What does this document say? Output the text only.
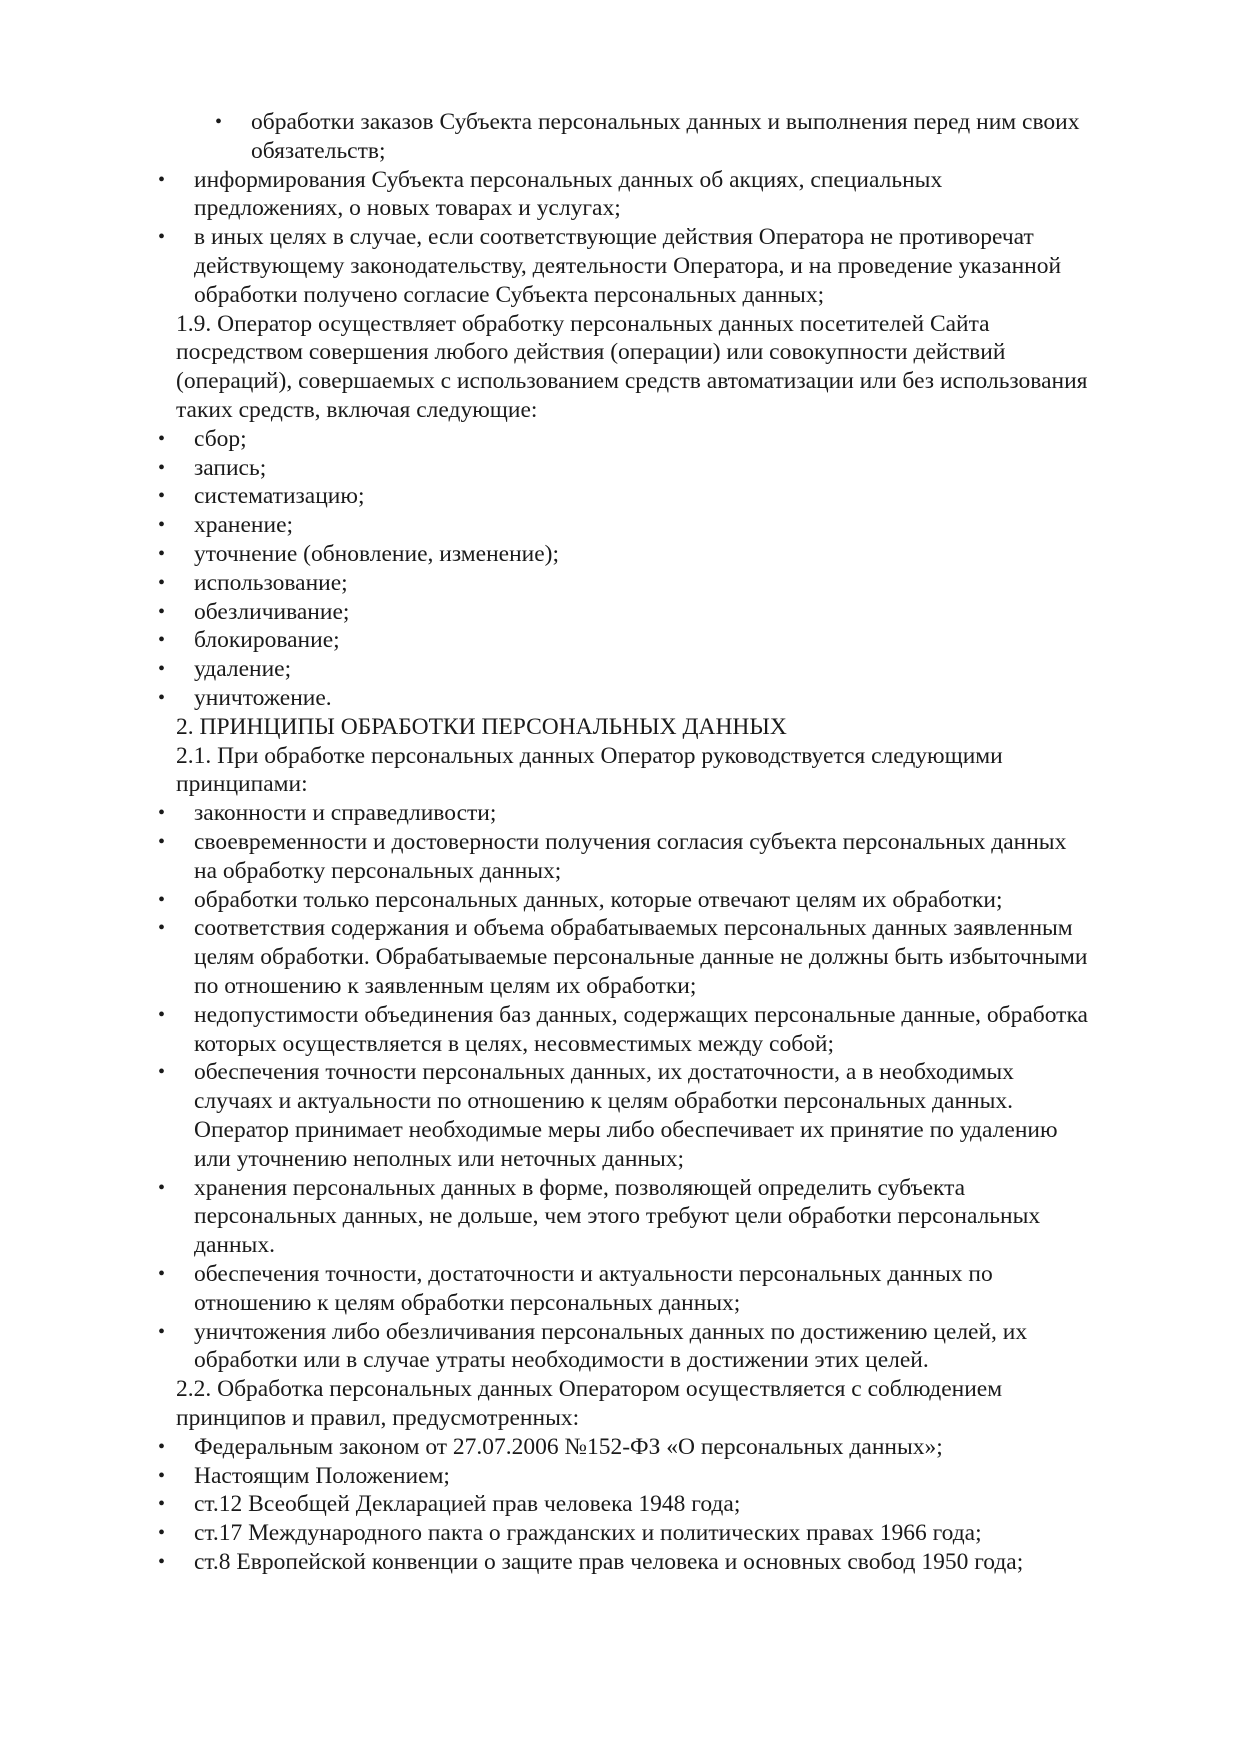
• обработки заказов Субъекта персональных данных и выполнения перед ним своих
обязательств;
• информирования Субъекта персональных данных об акциях, специальных
предложениях, о новых товарах и услугах;
• в иных целях в случае, если соответствующие действия Оператора не противоречат
действующему законодательству, деятельности Оператора, и на проведение указанной
обработки получено согласие Субъекта персональных данных;
1.9. Оператор осуществляет обработку персональных данных посетителей Сайта
посредством совершения любого действия (операции) или совокупности действий
(операций), совершаемых с использованием средств автоматизации или без использования
таких средств, включая следующие:
• сбор;
• запись;
• систематизацию;
• хранение;
• уточнение (обновление, изменение);
• использование;
• обезличивание;
• блокирование;
• удаление;
• уничтожение.
2. ПРИНЦИПЫ ОБРАБОТКИ ПЕРСОНАЛЬНЫХ ДАННЫХ
2.1. При обработке персональных данных Оператор руководствуется следующими
принципами:
• законности и справедливости;
• своевременности и достоверности получения согласия субъекта персональных данных
на обработку персональных данных;
• обработки только персональных данных, которые отвечают целям их обработки;
• соответствия содержания и объема обрабатываемых персональных данных заявленным
целям обработки. Обрабатываемые персональные данные не должны быть избыточными
по отношению к заявленным целям их обработки;
• недопустимости объединения баз данных, содержащих персональные данные, обработка
которых осуществляется в целях, несовместимых между собой;
• обеспечения точности персональных данных, их достаточности, а в необходимых
случаях и актуальности по отношению к целям обработки персональных данных.
Оператор принимает необходимые меры либо обеспечивает их принятие по удалению
или уточнению неполных или неточных данных;
• хранения персональных данных в форме, позволяющей определить субъекта
персональных данных, не дольше, чем этого требуют цели обработки персональных
данных.
• обеспечения точности, достаточности и актуальности персональных данных по
отношению к целям обработки персональных данных;
• уничтожения либо обезличивания персональных данных по достижению целей, их
обработки или в случае утраты необходимости в достижении этих целей.
2.2. Обработка персональных данных Оператором осуществляется с соблюдением
принципов и правил, предусмотренных:
• Федеральным законом от 27.07.2006 №152-ФЗ «О персональных данных»;
• Настоящим Положением;
• ст.12 Всеобщей Декларацией прав человека 1948 года;
• ст.17 Международного пакта о гражданских и политических правах 1966 года;
• ст.8 Европейской конвенции о защите прав человека и основных свобод 1950 года;
